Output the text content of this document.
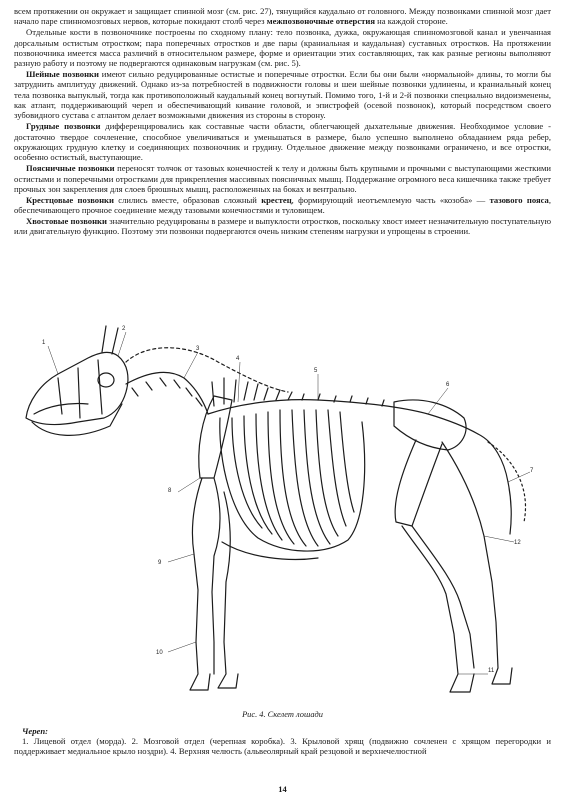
всем протяжении он окружает и защищает спинной мозг (см. рис. 27), тянущийся каудально от головного. Между позвонками спинной мозг дает начало паре спинномозговых нервов, которые покидают столб через межпозвоночные отверстия на каждой стороне.

Отдельные кости в позвоночнике построены по сходному плану: тело позвонка, дужка, окружающая спинномозговой канал и увенчанная дорсальным остистым отростком; пара поперечных отростков и две пары (краниальная и каудальная) суставных отростков. На протяжении позвоночника имеется масса различий в относительном размере, форме и ориентации этих составляющих, так как разные регионы выполняют разную работу и поэтому не подвергаются одинаковым нагрузкам (см. рис. 5).

Шейные позвонки имеют сильно редуцированные остистые и поперечные отростки. Если бы они были «нормальной» длины, то могли бы затруднить амплитуду движений. Однако из-за потребностей в подвижности головы и шеи шейные позвонки удлинены, и краниальный конец тела позвонка выпуклый, тогда как противоположный каудальный конец вогнутый. Помимо того, 1-й и 2-й позвонки специально видоизменены, как атлант, поддерживающий череп и обеспечивающий кивание головой, и эпистрофей (осевой позвонок), который посредством своего зубовидного сустава с атлантом делает возможными движения из стороны в сторону.

Грудные позвонки дифференцировались как составные части области, облегчающей дыхательные движения. Необходимое условие - достаточно твердое сочленение, способное увеличиваться и уменьшаться в размере, было успешно выполнено обладанием ряда ребер, окружающих грудную клетку и соединяющих позвоночник и грудину. Отдельное движение между позвонками ограничено, и все отростки, особенно остистый, выступающие.

Поясничные позвонки переносят толчок от тазовых конечностей к телу и должны быть крупными и прочными с выступающими жесткими остистыми и поперечными отростками для прикрепления массивных поясничных мышц. Поддержание огромного веса кишечника также требует прочных зон закрепления для слоев брюшных мышц, расположенных на боках и вентрально.

Крестцовые позвонки слились вместе, образовав сложный крестец, формирующий неотъемлемую часть «козоба» — тазового пояса, обеспечивающего прочное соединение между тазовыми конечностями и туловищем.

Хвостовые позвонки значительно редуцированы в размере и выпуклости отростков, поскольку хвост имеет незначительную поступательную или двигательную функцию. Поэтому эти позвонки подвергаются очень низким степеням нагрузки и упрощены в строении.

1
2
3
4
5
6
7
8
9
10
11
12
Рис. 4. Скелет лошади
Череп:

1. Лицевой отдел (морда). 2. Мозговой отдел (черепная коробка). 3. Крыловой хрящ (подвижно сочленен с хрящом перегородки и поддерживает медиальное крыло ноздри). 4. Верхняя челюсть (альвеолярный край резцовой и верхнечелюстной

14
